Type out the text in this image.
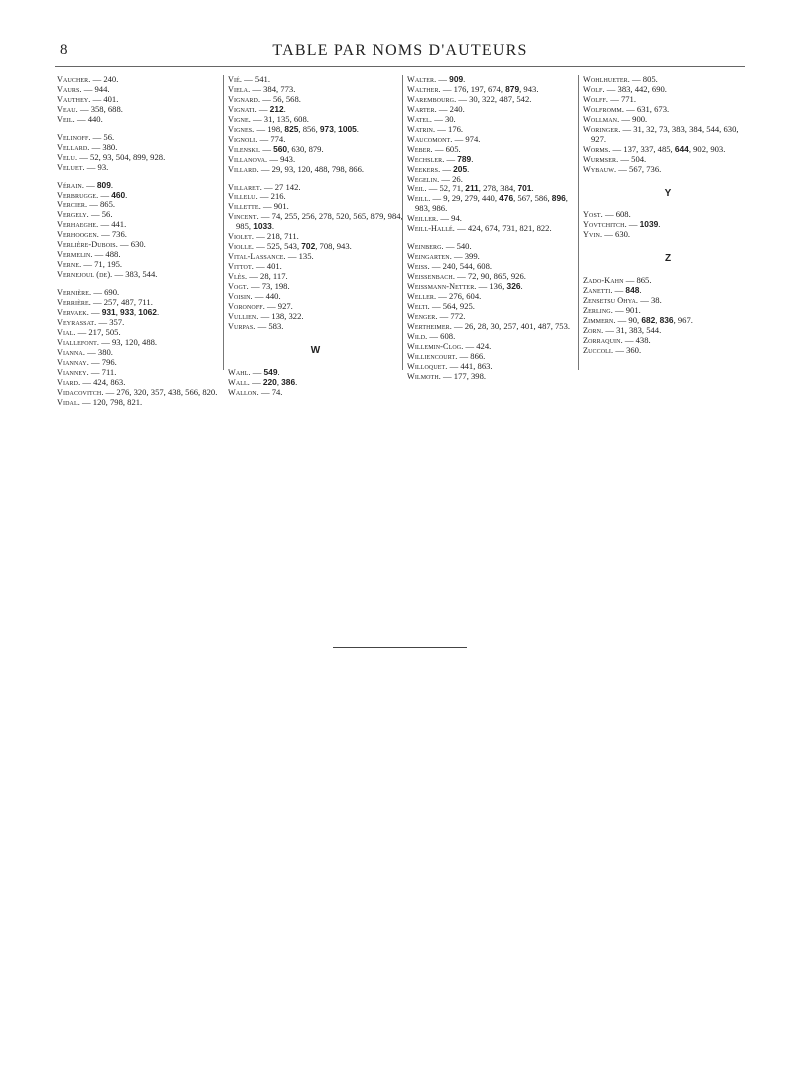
8	TABLE PAR NOMS D'AUTEURS
Vaucher. — 240.
Vaurs. — 944.
Vauthey. — 401.
Veau. — 358, 688.
Veil. — 440.
Velinoff. — 56.
Vellard. — 380.
Velu. — 52, 93, 504, 899, 928.
Veluet. — 93.
Vérain. — 809.
Verbrugge. — 460.
Vercier. — 865.
Vergely. — 56.
Verhaeghe. — 441.
Verhoogen. — 736.
Verlière-Dubois. — 630.
Vermelin. — 488.
Verne. — 71, 195.
Vernejoul (de). — 383, 544.
Vernière. — 690.
Verrière. — 257, 487, 711.
Vervaek. — 931, 933, 1062.
Veyrassat. — 357.
Vial. — 217, 505.
Viallefont. — 93, 120, 488.
Vianna. — 380.
Viannay. — 796.
Vianney. — 711.
Viard. — 424, 863.
Vidacovitch. — 276, 320, 357, 438, 566, 820.
Vidal. — 120, 798, 821.
Vié. — 541.
Viela. — 384, 773.
Vignard. — 56, 568.
Vignati. — 212.
Vigne. — 31, 135, 608.
Vignes. — 198, 825, 856, 973, 1005.
Vignoli. — 774.
Vilenski. — 560, 630, 879.
Villanova. — 943.
Villard. — 29, 93, 120, 488, 798, 866.
Villaret. — 27 142.
Villelu. — 216.
Villette. — 901.
Vincent. — 74, 255, 256, 278, 520, 565, 879, 984, 985, 1033.
Violet. — 218, 711.
Violle. — 525, 543, 702, 708, 943.
Vital-Lassance. — 135.
Vittot. — 401.
Vlès. — 28, 117.
Vogt. — 73, 198.
Voisin. — 440.
Voronoff. — 927.
Vullien. — 138, 322.
Vurpas. — 583.
W
Wahl. — 549.
Wall. — 220, 386.
Wallon. — 74.
Walter. — 909.
Walther. — 176, 197, 674, 879, 943.
Warembourg. — 30, 322, 487, 542.
Warter. — 240.
Watel. — 30.
Watrin. — 176.
Waucomont. — 974.
Weber. — 605.
Wechsler. — 789.
Weekers. — 205.
Wegelin. — 26.
Weil. — 52, 71, 211, 278, 384, 701.
Weill. — 9, 29, 279, 440, 476, 567, 586, 896, 983, 986.
Weiller. — 94.
Weill-Hallé. — 424, 674, 731, 821, 822.
Weinberg. — 540.
Weingarten. — 399.
Weiss. — 240, 544, 608.
Weissenbach. — 72, 90, 865, 926.
Weissmann-Netter. — 136, 326.
Weller. — 276, 604.
Welti. — 564, 925.
Wenger. — 772.
Wertheimer. — 26, 28, 30, 257, 401, 487, 753.
Wild. — 608.
Willemin-Clog. — 424.
Williencourt. — 866.
Willoquet. — 441, 863.
Wilmoth. — 177, 398.
Wohlhueter. — 805.
Wolf. — 383, 442, 690.
Wolff. — 771.
Wolfromm. — 631, 673.
Wollman. — 900.
Woringer. — 31, 32, 73, 383, 384, 544, 630, 927.
Worms. — 137, 337, 485, 644, 902, 903.
Wurmser. — 504.
Wybauw. — 567, 736.
Y
Yost. — 608.
Yovtchitch. — 1039.
Yvin. — 630.
Z
Zado-Kahn — 865.
Zanetti. — 848.
Zensetsu Ohya. — 38.
Zerling. — 901.
Zimmern. — 90, 682, 836, 967.
Zorn. — 31, 383, 544.
Zorraquin. — 438.
Zuccoli. — 360.
